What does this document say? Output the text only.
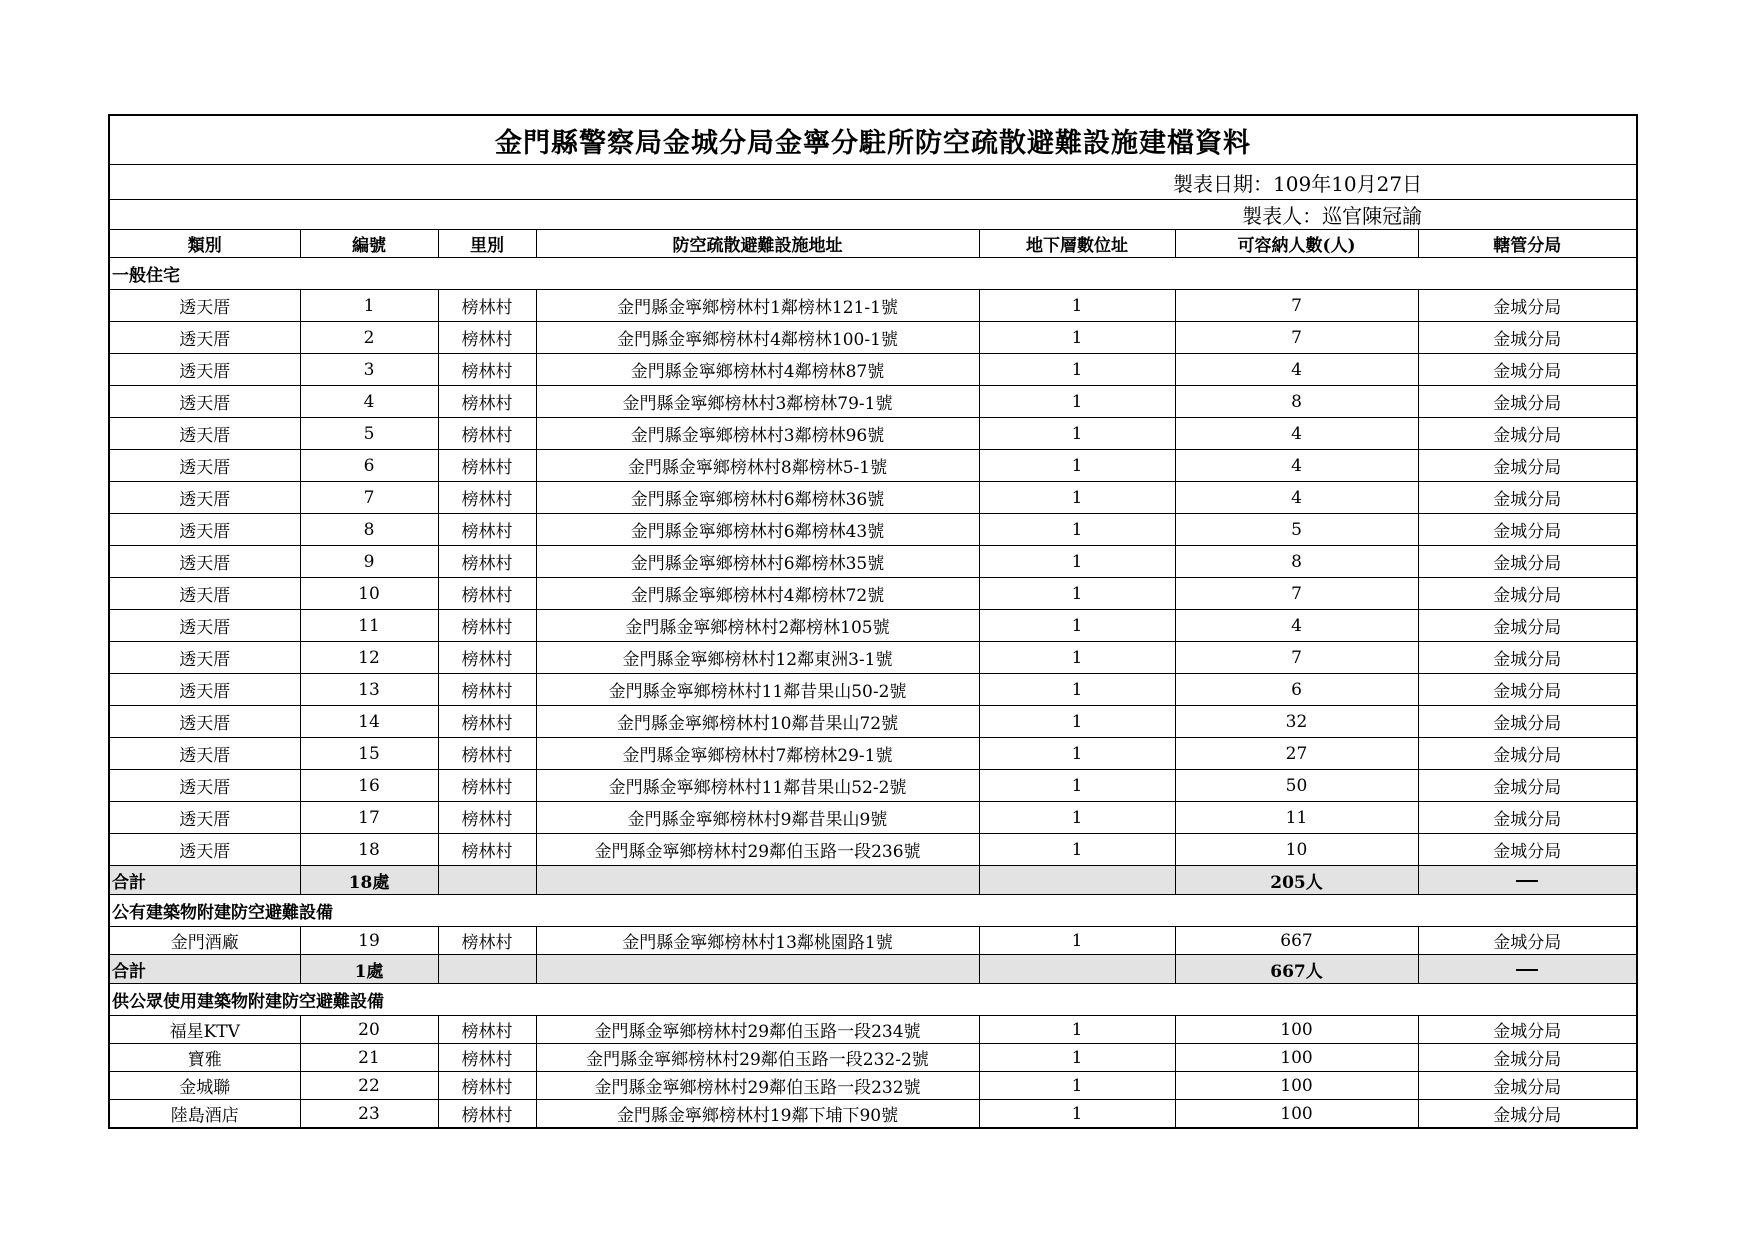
金門縣警察局金城分局金寧分駐所防空疏散避難設施建檔資料						
製表日期：109年10月27日						
製表人：巡官陳冠諭						
類別	編號	里別	防空疏散避難設施地址	地下層數位址	可容納人數(人)	轄管分局
一般住宅						
透天厝	1	榜林村	金門縣金寧鄉榜林村1鄰榜林121-1號	1	7	金城分局
透天厝	2	榜林村	金門縣金寧鄉榜林村4鄰榜林100-1號	1	7	金城分局
透天厝	3	榜林村	金門縣金寧鄉榜林村4鄰榜林87號	1	4	金城分局
透天厝	4	榜林村	金門縣金寧鄉榜林村3鄰榜林79-1號	1	8	金城分局
透天厝	5	榜林村	金門縣金寧鄉榜林村3鄰榜林96號	1	4	金城分局
透天厝	6	榜林村	金門縣金寧鄉榜林村8鄰榜林5-1號	1	4	金城分局
透天厝	7	榜林村	金門縣金寧鄉榜林村6鄰榜林36號	1	4	金城分局
透天厝	8	榜林村	金門縣金寧鄉榜林村6鄰榜林43號	1	5	金城分局
透天厝	9	榜林村	金門縣金寧鄉榜林村6鄰榜林35號	1	8	金城分局
透天厝	10	榜林村	金門縣金寧鄉榜林村4鄰榜林72號	1	7	金城分局
透天厝	11	榜林村	金門縣金寧鄉榜林村2鄰榜林105號	1	4	金城分局
透天厝	12	榜林村	金門縣金寧鄉榜林村12鄰東洲3-1號	1	7	金城分局
透天厝	13	榜林村	金門縣金寧鄉榜林村11鄰昔果山50-2號	1	6	金城分局
透天厝	14	榜林村	金門縣金寧鄉榜林村10鄰昔果山72號	1	32	金城分局
透天厝	15	榜林村	金門縣金寧鄉榜林村7鄰榜林29-1號	1	27	金城分局
透天厝	16	榜林村	金門縣金寧鄉榜林村11鄰昔果山52-2號	1	50	金城分局
透天厝	17	榜林村	金門縣金寧鄉榜林村9鄰昔果山9號	1	11	金城分局
透天厝	18	榜林村	金門縣金寧鄉榜林村29鄰伯玉路一段236號	1	10	金城分局
合計	18處				205人	
公有建築物附建防空避難設備						
金門酒廠	19	榜林村	金門縣金寧鄉榜林村13鄰桃園路1號	1	667	金城分局
合計	1處				667人	
供公眾使用建築物附建防空避難設備						
福星KTV	20	榜林村	金門縣金寧鄉榜林村29鄰伯玉路一段234號	1	100	金城分局
寶雅	21	榜林村	金門縣金寧鄉榜林村29鄰伯玉路一段232-2號	1	100	金城分局
金城聯	22	榜林村	金門縣金寧鄉榜林村29鄰伯玉路一段232號	1	100	金城分局
陸島酒店	23	榜林村	金門縣金寧鄉榜林村19鄰下埔下90號	1	100	金城分局
